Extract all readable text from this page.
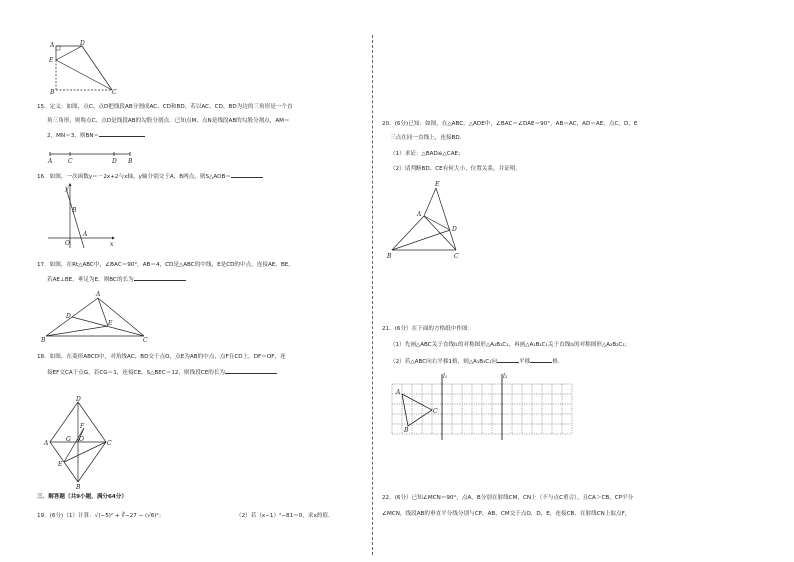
A	D
E
B	C
15．定义：如图，点C、点D把线段AB分割成AC、CD和BD，若以AC、CD、BD为边的三角形是一个直
角三角形，则称点C、点D是线段AB的勾股分割点．已知点M、点N是线段AB的勾股分割点，AM＝
2，MN＝3，则BN＝
A	C	D B
16．如图，一次函数y＝－2x+2与x轴，y轴分别交于A，B两点，则S△AOB＝
y
B
O
A
x
17．如图，在Rt△ABC中，∠BAC＝90°，AB＝4，CD是△ABC的中线，E是CD的中点，连接AE，BE，
若AE⊥BE，垂足为E，则BC的长为
A
D
E
B	C
18．如图，在菱形ABCD中，对角线AC，BD交于点O，点E为AB的中点，点F在CD上，DF＝OF，连
接EF交CA于点G，若CG＝1，连接CE，S△BEC＝12，则线段CE的长为
D
F
A
G O
C
E
B
三．解答题（共9小题，满分64分）
19．(6分)（1）计算：√(−5)² + ∛−27 − (√6)²；	（2）若（x−1）²−81＝0，求x的值．
20．(6分)已知：如图，在△ABC，△ADE中，∠BAC＝∠DAE＝90°，AB＝AC，AD＝AE，点C，D，E
三点在同一直线上，连接BD．
（1）求证：△BAD≌△CAE；
（2）请判断BD、CE有何大小、位置关系，并证明．
E
A
D
B	C
21．(6分）在下面的方格纸中作图：
（1）先画△ABC关于直线l₁的对称图形△A₁B₁C₁，再画△A₁B₁C₁关于直线l₂的对称图形△A₂B₂C₂；
（2）若△ABC向右平移1格，则△A₁B₁C₁向	平移	格．
A
C
B
l₁	l₂
22．(6分）已知∠MCN＝90°，点A，B分别在射线CM，CN上（不与点C重合），且CA＞CB，CP平分
∠MCN，线段AB的垂直平分线分别与CP，AB，CM交于点O，D，E，连接CB，在射线CN上取点F，
